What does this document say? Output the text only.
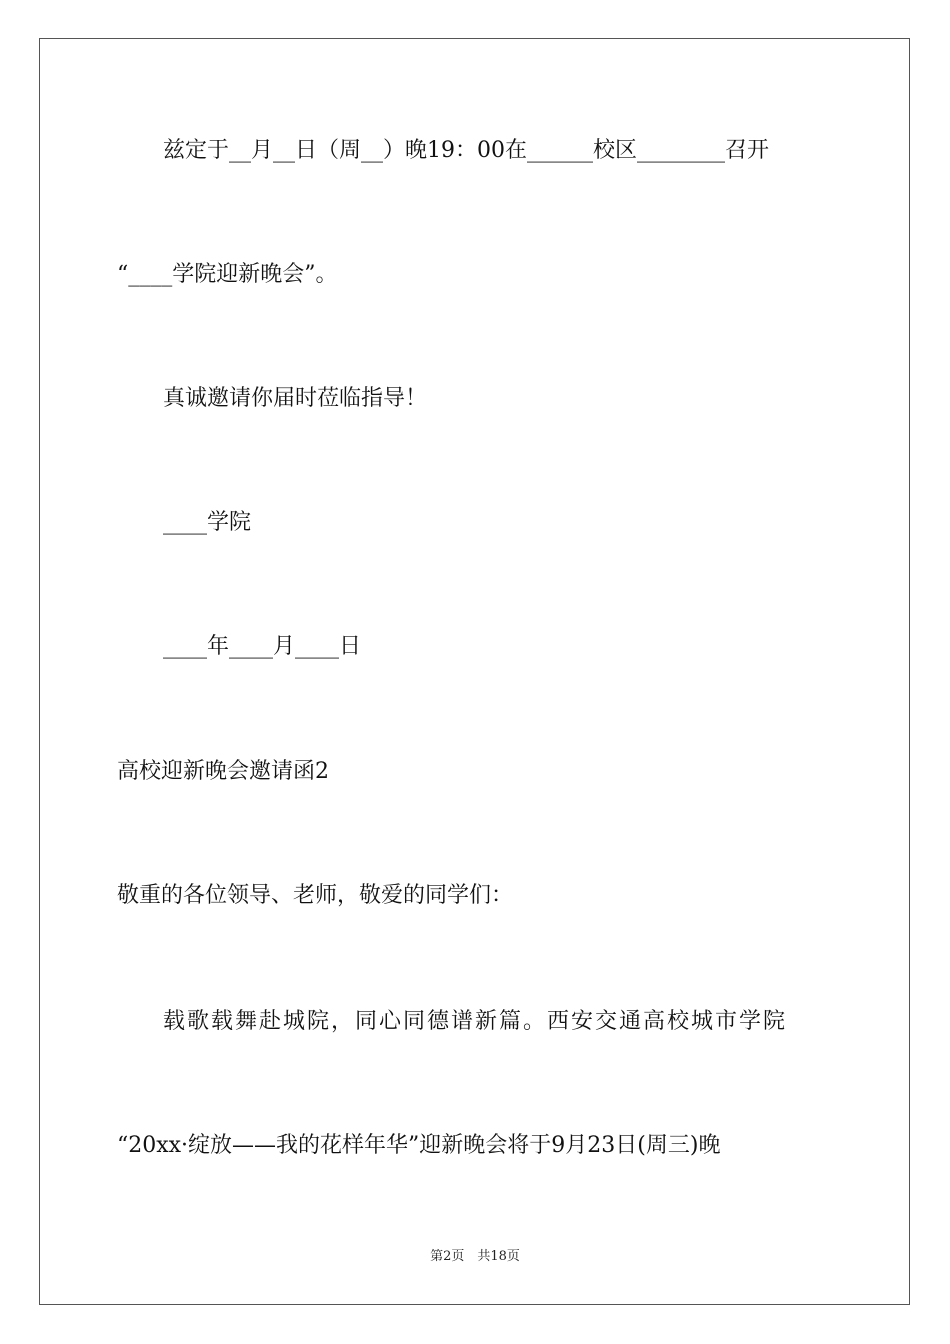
兹定于__月__日（周__）晚19：00在______校区________召开
“____学院迎新晚会”。
真诚邀请你届时莅临指导！
____学院
____年____月____日
高校迎新晚会邀请函2
敬重的各位领导、老师，敬爱的同学们：
载歌载舞赴城院，同心同德谱新篇。西安交通高校城市学院
“20xx·绽放——我的花样年华”迎新晚会将于9月23日(周三)晚
第2页　共18页
